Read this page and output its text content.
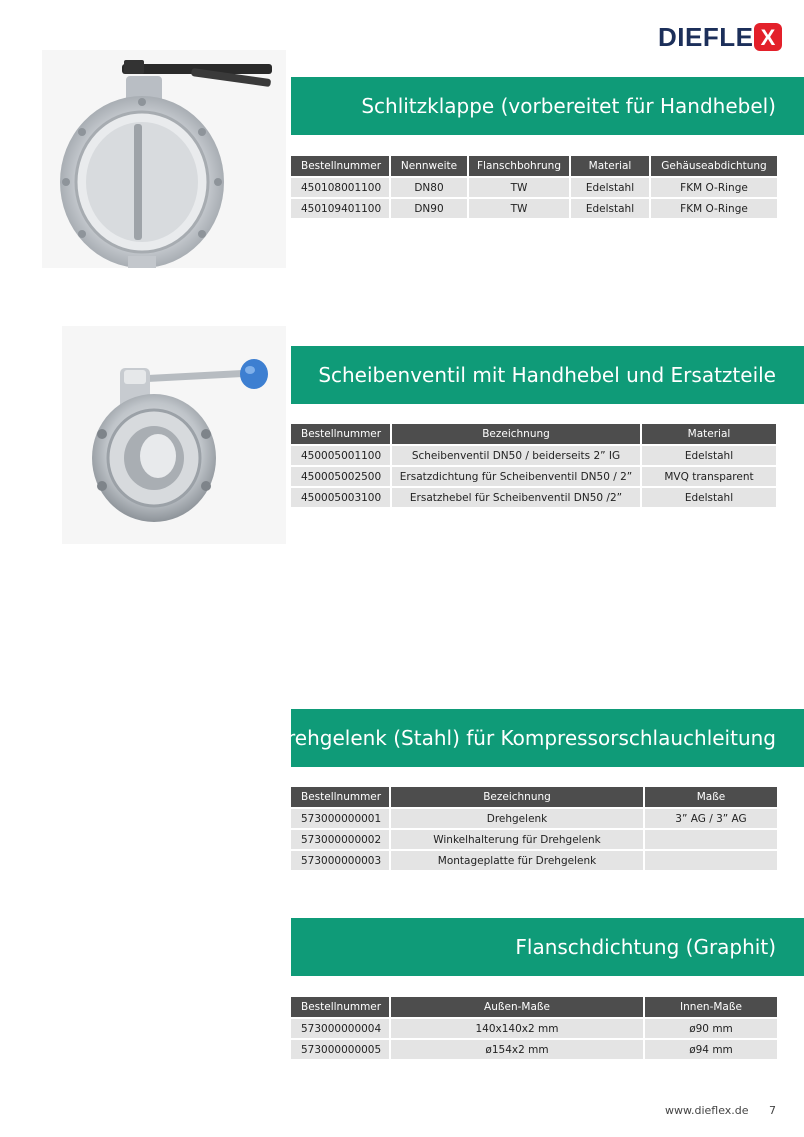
DIEFLE X
Schlitzklappe (vorbereitet für Handhebel)
Bestellnummer	Nennweite	Flanschbohrung	Material	Gehäuseabdichtung
450108001100	DN80	TW	Edelstahl	FKM O-Ringe
450109401100	DN90	TW	Edelstahl	FKM O-Ringe
Scheibenventil mit Handhebel und Ersatzteile
Bestellnummer	Bezeichnung	Material
450005001100	Scheibenventil DN50 / beiderseits 2” IG	Edelstahl
450005002500	Ersatzdichtung für Scheibenventil DN50 / 2”	MVQ transparent
450005003100	Ersatzhebel für Scheibenventil DN50 /2”	Edelstahl
Drehgelenk (Stahl) für Kompressorschlauchleitung
Bestellnummer	Bezeichnung	Maße
573000000001	Drehgelenk	3” AG / 3” AG
573000000002	Winkelhalterung für Drehgelenk	
573000000003	Montageplatte für Drehgelenk	
Flanschdichtung (Graphit)
Bestellnummer	Außen-Maße	Innen-Maße
573000000004	140x140x2 mm	ø90 mm
573000000005	ø154x2 mm	ø94 mm
www.dieflex.de 7
